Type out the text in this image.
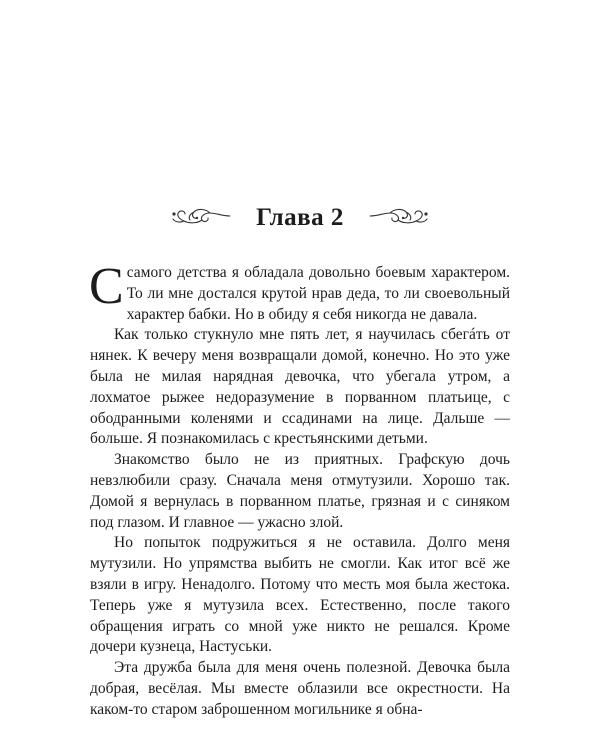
Глава 2

Ссамого детства я обладала довольно боевым характером. То ли мне достался крутой нрав деда, то ли своевольный характер бабки. Но в обиду я себя никогда не давала.

Как только стукнуло мне пять лет, я научилась сбегáть от нянек. К вечеру меня возвращали домой, конечно. Но это уже была не милая нарядная девочка, что убегала утром, а лохматое рыжее недоразумение в порванном платьице, с ободранными коленями и ссадинами на лице. Дальше — больше. Я познакомилась с крестьянскими детьми.

Знакомство было не из приятных. Графскую дочь невзлюбили сразу. Сначала меня отмутузили. Хорошо так. Домой я вернулась в порванном платье, грязная и с синяком под глазом. И главное — ужасно злой.

Но попыток подружиться я не оставила. Долго меня мутузили. Но упрямства выбить не смогли. Как итог всё же взяли в игру. Ненадолго. Потому что месть моя была жестока. Теперь уже я мутузила всех. Естественно, после такого обращения играть со мной уже никто не решался. Кроме дочери кузнеца, Настуськи.

Эта дружба была для меня очень полезной. Девочка была добрая, весёлая. Мы вместе облазили все окрестности. На каком-то старом заброшенном могильнике я обна-
